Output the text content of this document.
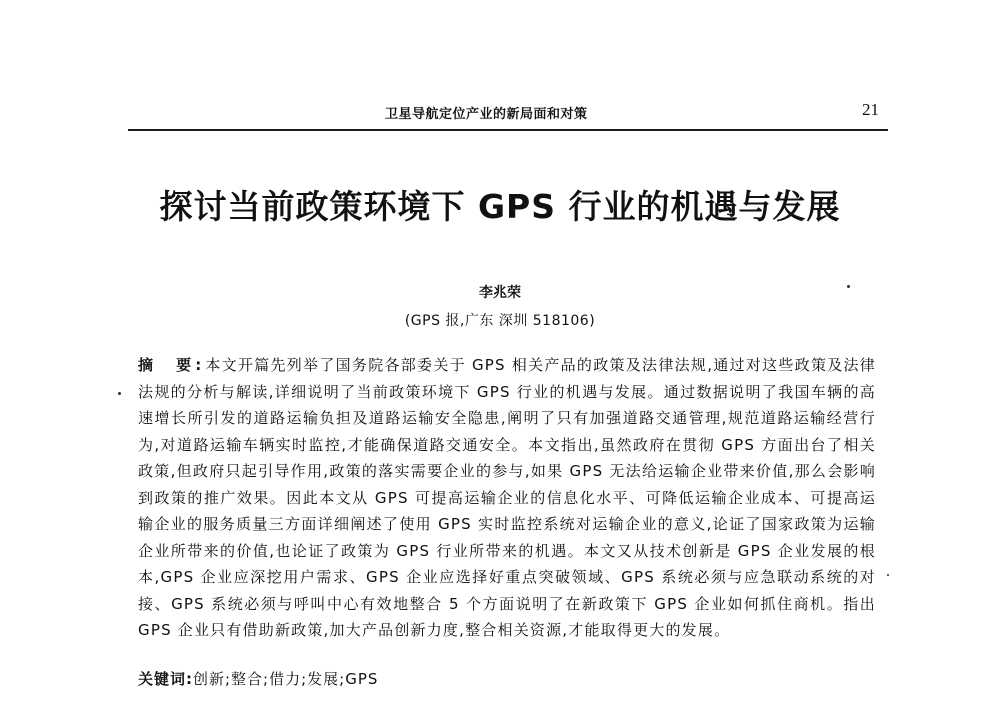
卫星导航定位产业的新局面和对策	21
探讨当前政策环境下 GPS 行业的机遇与发展
李兆荣
(GPS 报,广东 深圳 518106)
摘　要:本文开篇先列举了国务院各部委关于 GPS 相关产品的政策及法律法规,通过对这些政策及法律法规的分析与解读,详细说明了当前政策环境下 GPS 行业的机遇与发展。通过数据说明了我国车辆的高速增长所引发的道路运输负担及道路运输安全隐患,阐明了只有加强道路交通管理,规范道路运输经营行为,对道路运输车辆实时监控,才能确保道路交通安全。本文指出,虽然政府在贯彻 GPS 方面出台了相关政策,但政府只起引导作用,政策的落实需要企业的参与,如果 GPS 无法给运输企业带来价值,那么会影响到政策的推广效果。因此本文从 GPS 可提高运输企业的信息化水平、可降低运输企业成本、可提高运输企业的服务质量三方面详细阐述了使用 GPS 实时监控系统对运输企业的意义,论证了国家政策为运输企业所带来的价值,也论证了政策为 GPS 行业所带来的机遇。本文又从技术创新是 GPS 企业发展的根本,GPS 企业应深挖用户需求、GPS 企业应选择好重点突破领域、GPS 系统必须与应急联动系统的对接、GPS 系统必须与呼叫中心有效地整合 5 个方面说明了在新政策下 GPS 企业如何抓住商机。指出 GPS 企业只有借助新政策,加大产品创新力度,整合相关资源,才能取得更大的发展。
关键词:创新;整合;借力;发展;GPS
